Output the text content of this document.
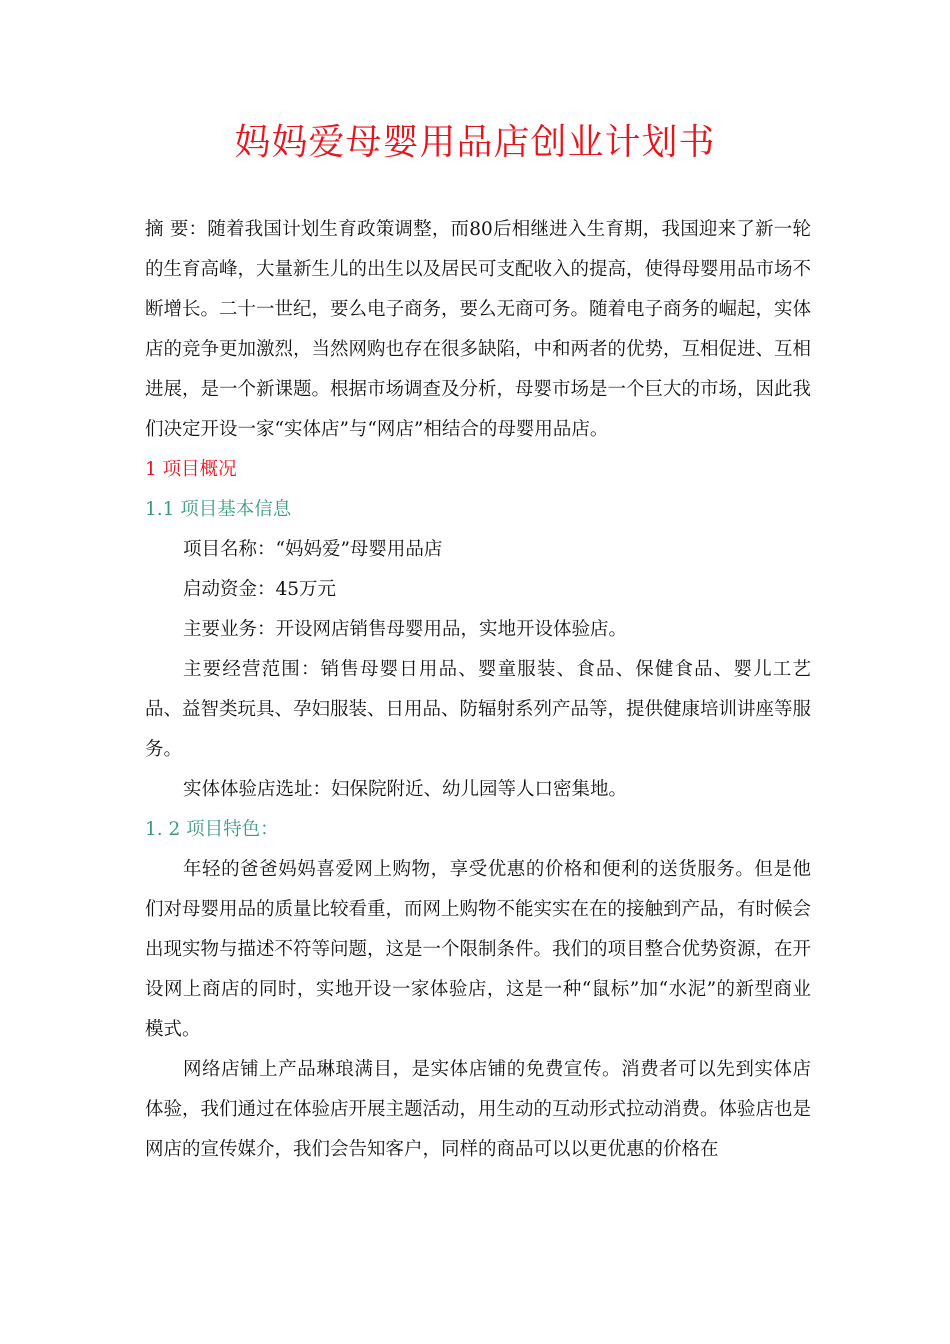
妈妈爱母婴用品店创业计划书

摘 要：随着我国计划生育政策调整，而80后相继进入生育期，我国迎来了新一轮的生育高峰，大量新生儿的出生以及居民可支配收入的提高，使得母婴用品市场不断增长。二十一世纪，要么电子商务，要么无商可务。随着电子商务的崛起，实体店的竞争更加激烈，当然网购也存在很多缺陷，中和两者的优势，互相促进、互相进展，是一个新课题。根据市场调查及分析，母婴市场是一个巨大的市场，因此我们决定开设一家“实体店”与“网店”相结合的母婴用品店。

1 项目概况

1.1 项目基本信息

项目名称：“妈妈爱”母婴用品店

启动资金：45万元

主要业务：开设网店销售母婴用品，实地开设体验店。

主要经营范围：销售母婴日用品、婴童服装、食品、保健食品、婴儿工艺品、益智类玩具、孕妇服装、日用品、防辐射系列产品等，提供健康培训讲座等服务。

实体体验店选址：妇保院附近、幼儿园等人口密集地。

1. 2 项目特色：

年轻的爸爸妈妈喜爱网上购物，享受优惠的价格和便利的送货服务。但是他们对母婴用品的质量比较看重，而网上购物不能实实在在的接触到产品，有时候会出现实物与描述不符等问题，这是一个限制条件。我们的项目整合优势资源，在开设网上商店的同时，实地开设一家体验店，这是一种“鼠标”加“水泥”的新型商业模式。

网络店铺上产品琳琅满目，是实体店铺的免费宣传。消费者可以先到实体店体验，我们通过在体验店开展主题活动，用生动的互动形式拉动消费。体验店也是网店的宣传媒介，我们会告知客户，同样的商品可以以更优惠的价格在
